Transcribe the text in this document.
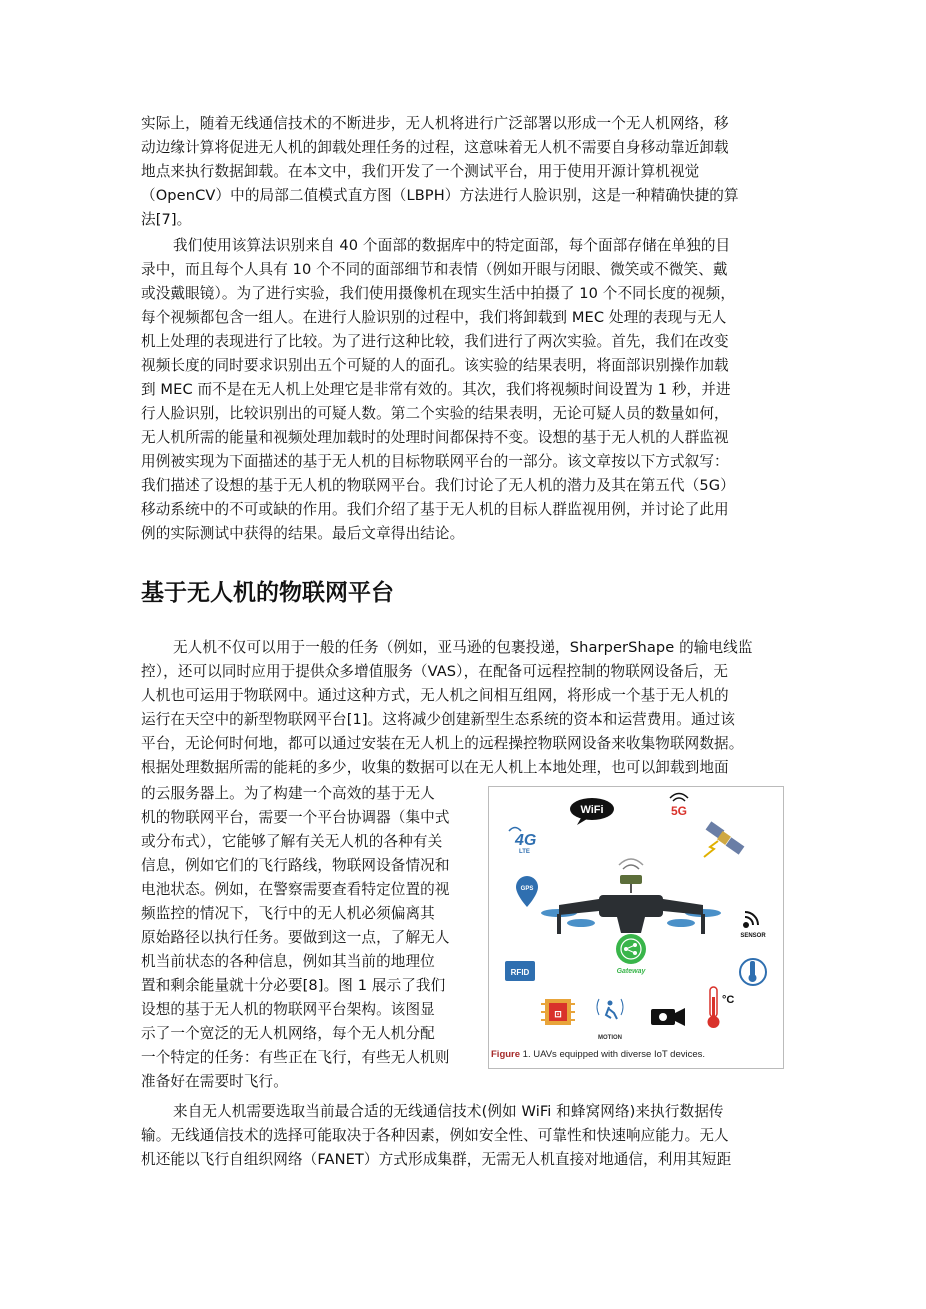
实际上，随着无线通信技术的不断进步，无人机将进行广泛部署以形成一个无人机网络，移
动边缘计算将促进无人机的卸载处理任务的过程，这意味着无人机不需要自身移动靠近卸载
地点来执行数据卸载。在本文中，我们开发了一个测试平台，用于使用开源计算机视觉
（OpenCV）中的局部二值模式直方图（LBPH）方法进行人脸识别，这是一种精确快捷的算
法[7]。
我们使用该算法识别来自 40 个面部的数据库中的特定面部，每个面部存储在单独的目
录中，而且每个人具有 10 个不同的面部细节和表情（例如开眼与闭眼、微笑或不微笑、戴
或没戴眼镜）。为了进行实验，我们使用摄像机在现实生活中拍摄了 10 个不同长度的视频，
每个视频都包含一组人。在进行人脸识别的过程中，我们将卸载到 MEC 处理的表现与无人
机上处理的表现进行了比较。为了进行这种比较，我们进行了两次实验。首先，我们在改变
视频长度的同时要求识别出五个可疑的人的面孔。该实验的结果表明，将面部识别操作加载
到 MEC 而不是在无人机上处理它是非常有效的。其次，我们将视频时间设置为 1 秒，并进
行人脸识别，比较识别出的可疑人数。第二个实验的结果表明，无论可疑人员的数量如何，
无人机所需的能量和视频处理加载时的处理时间都保持不变。设想的基于无人机的人群监视
用例被实现为下面描述的基于无人机的目标物联网平台的一部分。该文章按以下方式叙写：
我们描述了设想的基于无人机的物联网平台。我们讨论了无人机的潜力及其在第五代（5G）
移动系统中的不可或缺的作用。我们介绍了基于无人机的目标人群监视用例，并讨论了此用
例的实际测试中获得的结果。最后文章得出结论。
基于无人机的物联网平台
无人机不仅可以用于一般的任务（例如，亚马逊的包裹投递，SharperShape 的输电线监
控），还可以同时应用于提供众多增值服务（VAS），在配备可远程控制的物联网设备后，无
人机也可运用于物联网中。通过这种方式，无人机之间相互组网，将形成一个基于无人机的
运行在天空中的新型物联网平台[1]。这将减少创建新型生态系统的资本和运营费用。通过该
平台，无论何时何地，都可以通过安装在无人机上的远程操控物联网设备来收集物联网数据。
根据处理数据所需的能耗的多少，收集的数据可以在无人机上本地处理，也可以卸载到地面
的云服务器上。为了构建一个高效的基于无人
机的物联网平台，需要一个平台协调器（集中式
或分布式），它能够了解有关无人机的各种有关
信息，例如它们的飞行路线，物联网设备情况和
电池状态。例如，在警察需要查看特定位置的视
频监控的情况下，飞行中的无人机必须偏离其
原始路径以执行任务。要做到这一点，了解无人
机当前状态的各种信息，例如其当前的地理位
置和剩余能量就十分必要[8]。图 1 展示了我们
设想的基于无人机的物联网平台架构。该图显
示了一个宽泛的无人机网络，每个无人机分配
一个特定的任务：有些正在飞行，有些无人机则
准备好在需要时飞行。
WiFi	5G
4G
LTE
GPS
Gateway
SENSOR
RFID
⊡
MOTION
°C
Figure 1. UAVs equipped with diverse IoT devices.
来自无人机需要选取当前最合适的无线通信技术(例如 WiFi 和蜂窝网络)来执行数据传
输。无线通信技术的选择可能取决于各种因素，例如安全性、可靠性和快速响应能力。无人
机还能以飞行自组织网络（FANET）方式形成集群，无需无人机直接对地通信，利用其短距
